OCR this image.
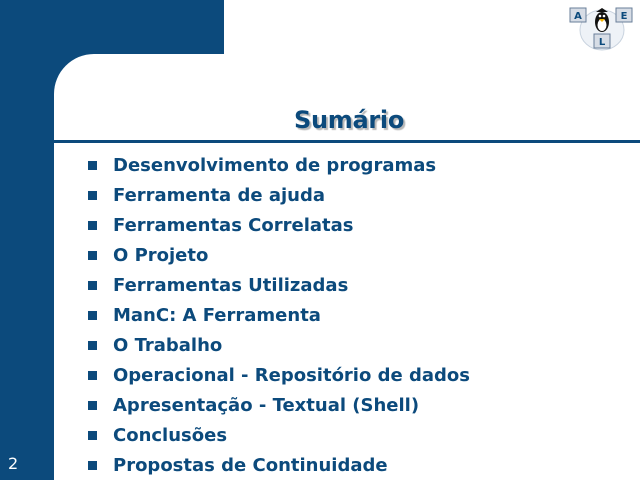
A	E
L
Sumário
Desenvolvimento de programas
Ferramenta de ajuda
Ferramentas Correlatas
O Projeto
Ferramentas Utilizadas
ManC: A Ferramenta
O Trabalho
Operacional - Repositório de dados
Apresentação - Textual (Shell)
Conclusões
Propostas de Continuidade
2
